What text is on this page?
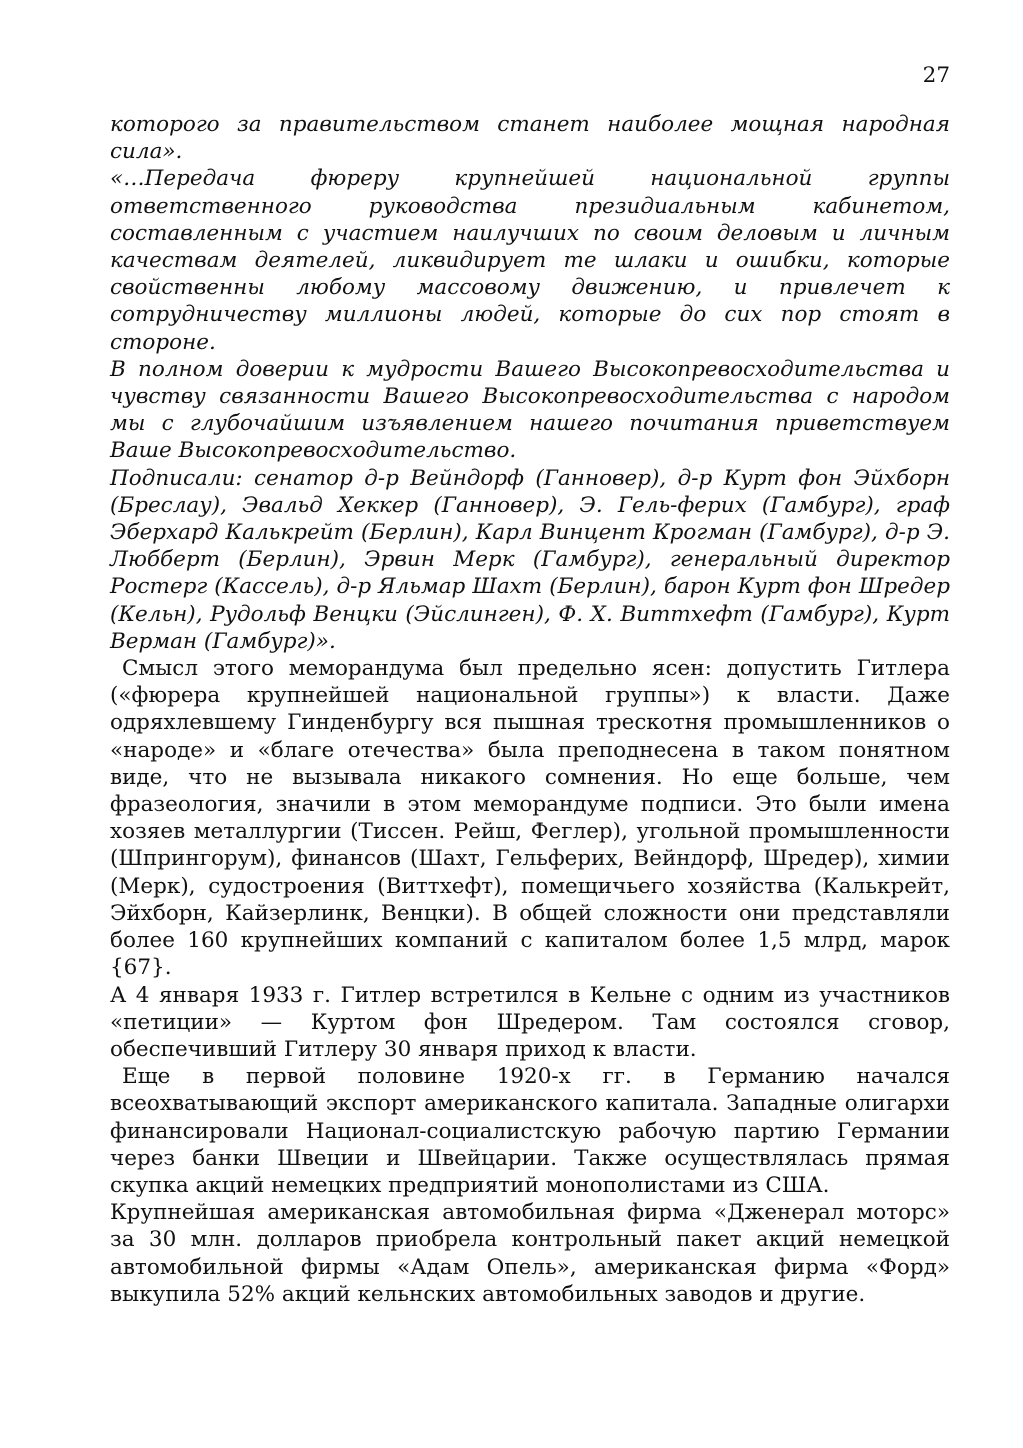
27

которого за правительством станет наиболее мощная народная сила».

«…Передача фюреру крупнейшей национальной группы ответственного руководства президиальным кабинетом, составленным с участием наилучших по своим деловым и личным качествам деятелей, ликвидирует те шлаки и ошибки, которые свойственны любому массовому движению, и привлечет к сотрудничеству миллионы людей, которые до сих пор стоят в стороне.

В полном доверии к мудрости Вашего Высокопревосходительства и чувству связанности Вашего Высокопревосходительства с народом мы с глубочайшим изъявлением нашего почитания приветствуем Ваше Высокопревосходительство.

Подписали: сенатор д-р Вейндорф (Ганновер), д-р Курт фон Эйхборн (Бреслау), Эвальд Хеккер (Ганновер), Э. Гель-ферих (Гамбург), граф Эберхард Калькрейт (Берлин), Карл Винцент Крогман (Гамбург), д-р Э. Любберт (Берлин), Эрвин Мерк (Гамбург), генеральный директор Ростерг (Кассель), д-р Яльмар Шахт (Берлин), барон Курт фон Шредер (Кельн), Рудольф Венцки (Эйслинген), Ф. Х. Виттхефт (Гамбург), Курт Верман (Гамбург)».

Смысл этого меморандума был предельно ясен: допустить Гитлера («фюрера крупнейшей национальной группы») к власти. Даже одряхлевшему Гинденбургу вся пышная трескотня промышленников о «народе» и «благе отечества» была преподнесена в таком понятном виде, что не вызывала никакого сомнения. Но еще больше, чем фразеология, значили в этом меморандуме подписи. Это были имена хозяев металлургии (Тиссен. Рейш, Феглер), угольной промышленности (Шпрингорум), финансов (Шахт, Гельферих, Вейндорф, Шредер), химии (Мерк), судостроения (Виттхефт), помещичьего хозяйства (Калькрейт, Эйхборн, Кайзерлинк, Венцки). В общей сложности они представляли более 160 крупнейших компаний с капиталом более 1,5 млрд, марок {67}.

А 4 января 1933 г. Гитлер встретился в Кельне с одним из участников «петиции» — Куртом фон Шредером. Там состоялся сговор, обеспечивший Гитлеру 30 января приход к власти.

Еще в первой половине 1920-х гг. в Германию начался всеохватывающий экспорт американского капитала. Западные олигархи финансировали Национал-социалистскую рабочую партию Германии через банки Швеции и Швейцарии. Также осуществлялась прямая скупка акций немецких предприятий монополистами из США.

Крупнейшая американская автомобильная фирма «Дженерал моторс» за 30 млн. долларов приобрела контрольный пакет акций немецкой автомобильной фирмы «Адам Опель», американская фирма «Форд» выкупила 52% акций кельнских автомобильных заводов и другие.
